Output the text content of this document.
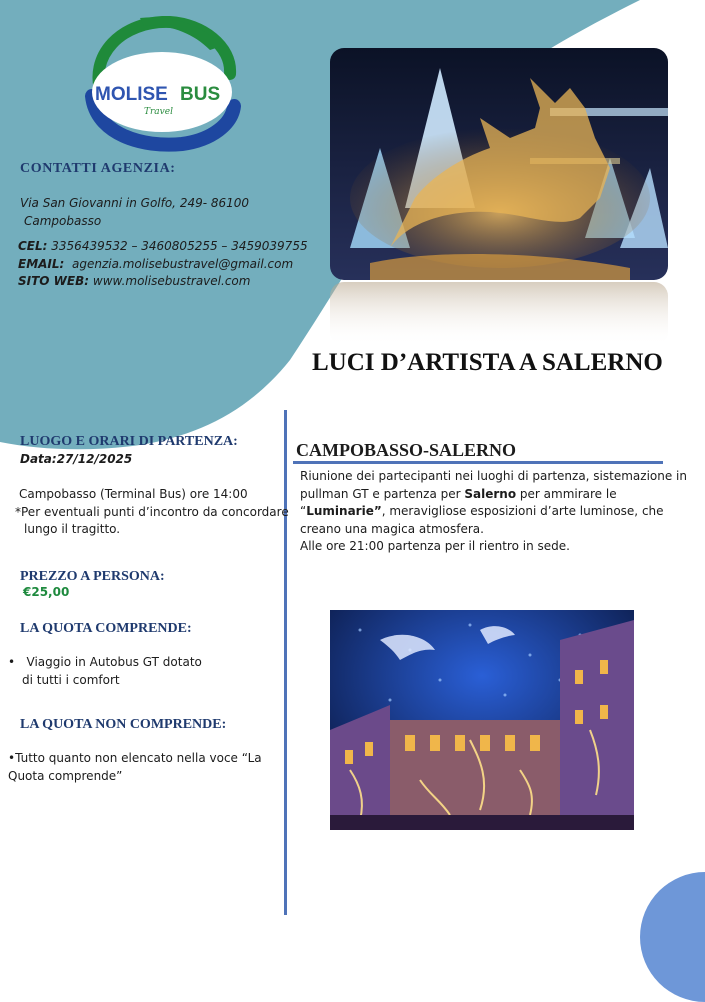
MOLISE BUS
Travel
CONTATTI AGENZIA:
Via San Giovanni in Golfo, 249- 86100
Campobasso
CEL: 3356439532 – 3460805255 – 3459039755
EMAIL: agenzia.molisebustravel@gmail.com
SITO WEB: www.molisebustravel.com
LUCI D’ARTISTA A SALERNO
LUOGO E ORARI DI PARTENZA:
Data:27/12/2025
Campobasso (Terminal Bus) ore 14:00
*Per eventuali punti d’incontro da concordare
lungo il tragitto.
PREZZO A PERSONA:
€25,00
LA QUOTA COMPRENDE:
• Viaggio in Autobus GT dotato
di tutti i comfort
LA QUOTA NON COMPRENDE:
•Tutto quanto non elencato nella voce “La Quota comprende”
CAMPOBASSO-SALERNO
Riunione dei partecipanti nei luoghi di partenza, sistemazione in pullman GT e partenza per Salerno per ammirare le “Luminarie”, meravigliose esposizioni d’arte luminose, che creano una magica atmosfera.
Alle ore 21:00 partenza per il rientro in sede.
